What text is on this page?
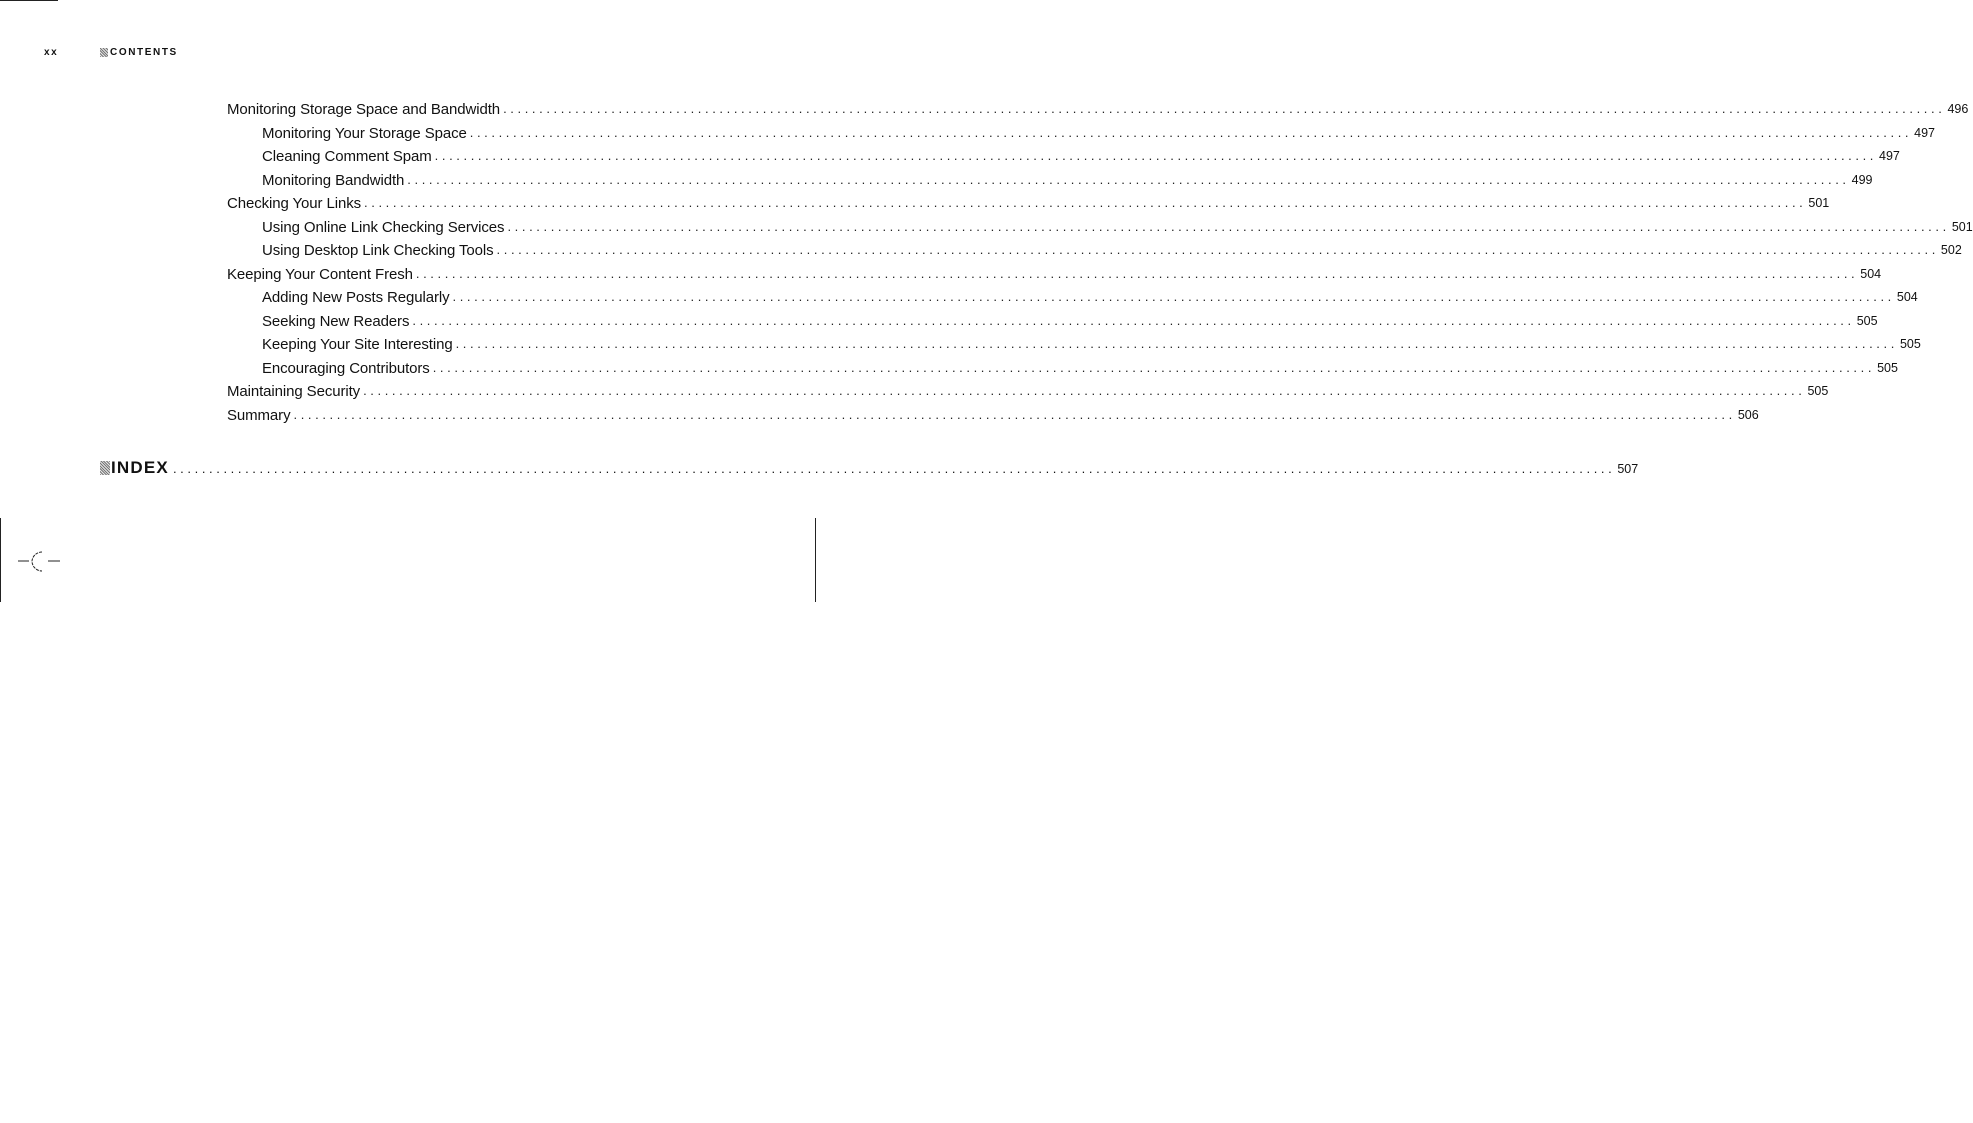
xx	CONTENTS
Monitoring Storage Space and Bandwidth ........................................................................................................................................................................................................ 496
Monitoring Your Storage Space ........................................................................................................................................................................................................ 497
Cleaning Comment Spam ........................................................................................................................................................................................................ 497
Monitoring Bandwidth ........................................................................................................................................................................................................ 499
Checking Your Links ........................................................................................................................................................................................................ 501
Using Online Link Checking Services ........................................................................................................................................................................................................ 501
Using Desktop Link Checking Tools ........................................................................................................................................................................................................ 502
Keeping Your Content Fresh ........................................................................................................................................................................................................ 504
Adding New Posts Regularly ........................................................................................................................................................................................................ 504
Seeking New Readers ........................................................................................................................................................................................................ 505
Keeping Your Site Interesting ........................................................................................................................................................................................................ 505
Encouraging Contributors ........................................................................................................................................................................................................ 505
Maintaining Security ........................................................................................................................................................................................................ 505
Summary ........................................................................................................................................................................................................ 506
INDEX ........................................................................................................................................................................................................ 507
